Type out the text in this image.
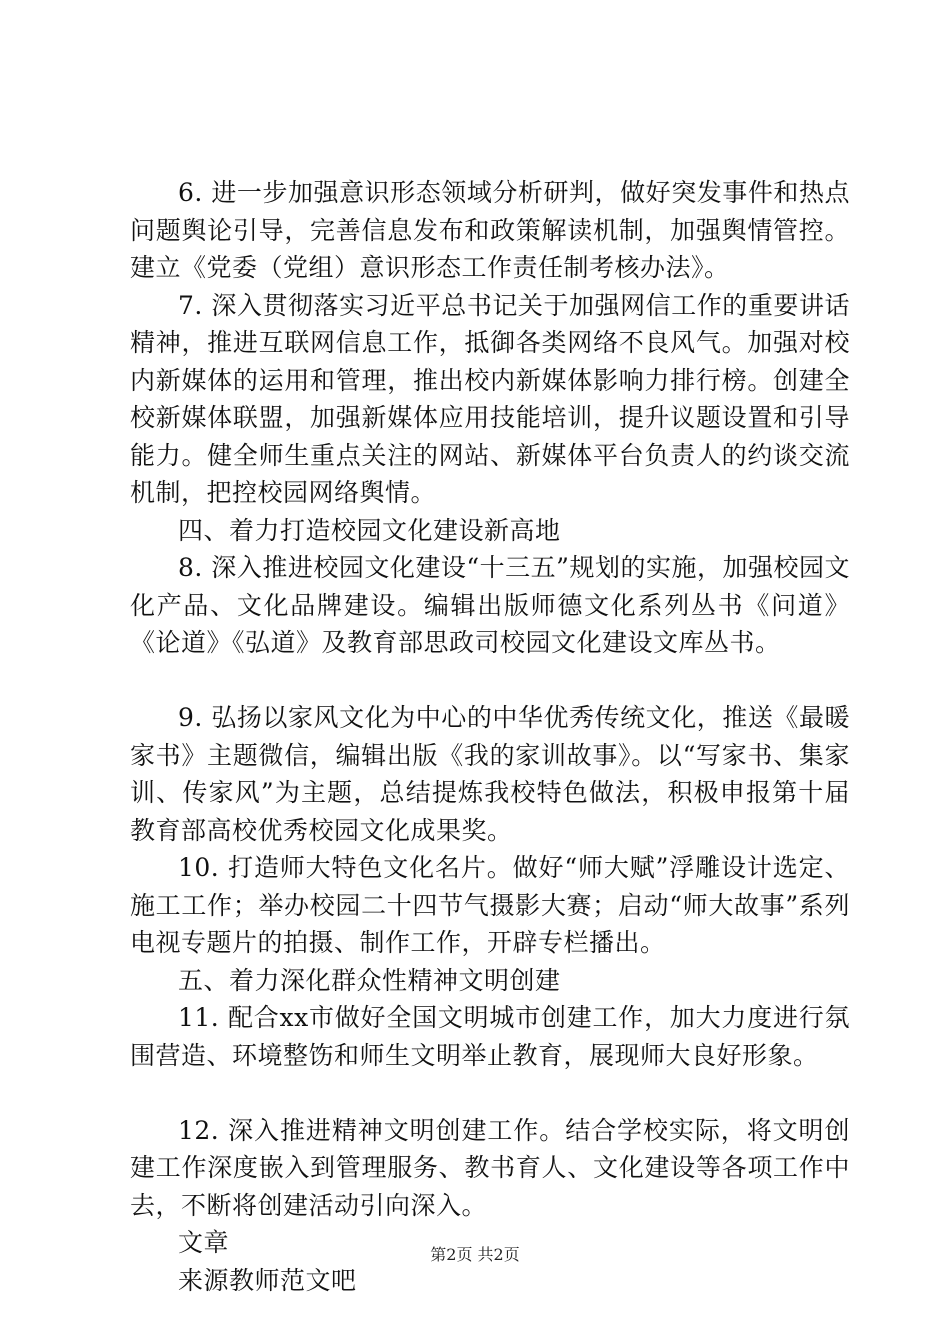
6. 进一步加强意识形态领域分析研判，做好突发事件和热点问题舆论引导，完善信息发布和政策解读机制，加强舆情管控。建立《党委（党组）意识形态工作责任制考核办法》。

7. 深入贯彻落实习近平总书记关于加强网信工作的重要讲话精神，推进互联网信息工作，抵御各类网络不良风气。加强对校内新媒体的运用和管理，推出校内新媒体影响力排行榜。创建全校新媒体联盟，加强新媒体应用技能培训，提升议题设置和引导能力。健全师生重点关注的网站、新媒体平台负责人的约谈交流机制，把控校园网络舆情。

四、着力打造校园文化建设新高地

8. 深入推进校园文化建设“十三五”规划的实施，加强校园文化产品、文化品牌建设。编辑出版师德文化系列丛书《问道》《论道》《弘道》及教育部思政司校园文化建设文库丛书。

9. 弘扬以家风文化为中心的中华优秀传统文化，推送《最暖家书》主题微信，编辑出版《我的家训故事》。以“写家书、集家训、传家风”为主题，总结提炼我校特色做法，积极申报第十届教育部高校优秀校园文化成果奖。

10. 打造师大特色文化名片。做好“师大赋”浮雕设计选定、施工工作；举办校园二十四节气摄影大赛；启动“师大故事”系列电视专题片的拍摄、制作工作，开辟专栏播出。

五、着力深化群众性精神文明创建

11. 配合xx市做好全国文明城市创建工作，加大力度进行氛围营造、环境整饬和师生文明举止教育，展现师大良好形象。

12. 深入推进精神文明创建工作。结合学校实际，将文明创建工作深度嵌入到管理服务、教书育人、文化建设等各项工作中去，不断将创建活动引向深入。

文章

来源教师范文吧

第2页 共2页
